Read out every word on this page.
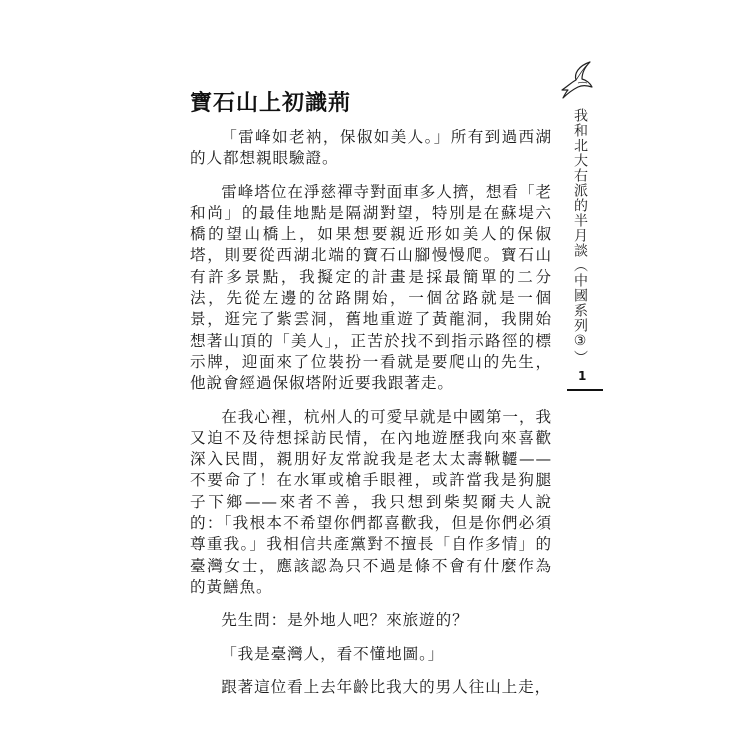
寶石山上初識荊

「雷峰如老衲，保俶如美人。」所有到過西湖的人都想親眼驗證。

雷峰塔位在淨慈禪寺對面車多人擠，想看「老和尚」的最佳地點是隔湖對望，特別是在蘇堤六橋的望山橋上，如果想要親近形如美人的保俶塔，則要從西湖北端的寶石山腳慢慢爬。寶石山有許多景點，我擬定的計畫是採最簡單的二分法，先從左邊的岔路開始，一個岔路就是一個景，逛完了紫雲洞，舊地重遊了黃龍洞，我開始想著山頂的「美人」，正苦於找不到指示路徑的標示牌，迎面來了位裝扮一看就是要爬山的先生，他說會經過保俶塔附近要我跟著走。

在我心裡，杭州人的可愛早就是中國第一，我又迫不及待想採訪民情，在內地遊歷我向來喜歡深入民間，親朋好友常說我是老太太壽鞦韆——不要命了！在水軍或槍手眼裡，或許當我是狗腿子下鄉——來者不善，我只想到柴契爾夫人說的：「我根本不希望你們都喜歡我，但是你們必須尊重我。」我相信共產黨對不擅長「自作多情」的臺灣女士，應該認為只不過是條不會有什麼作為的黃鱔魚。

先生問：是外地人吧？來旅遊的？

「我是臺灣人，看不懂地圖。」

跟著這位看上去年齡比我大的男人往山上走，

我和北大右派的半月談（中國系列③）
1
